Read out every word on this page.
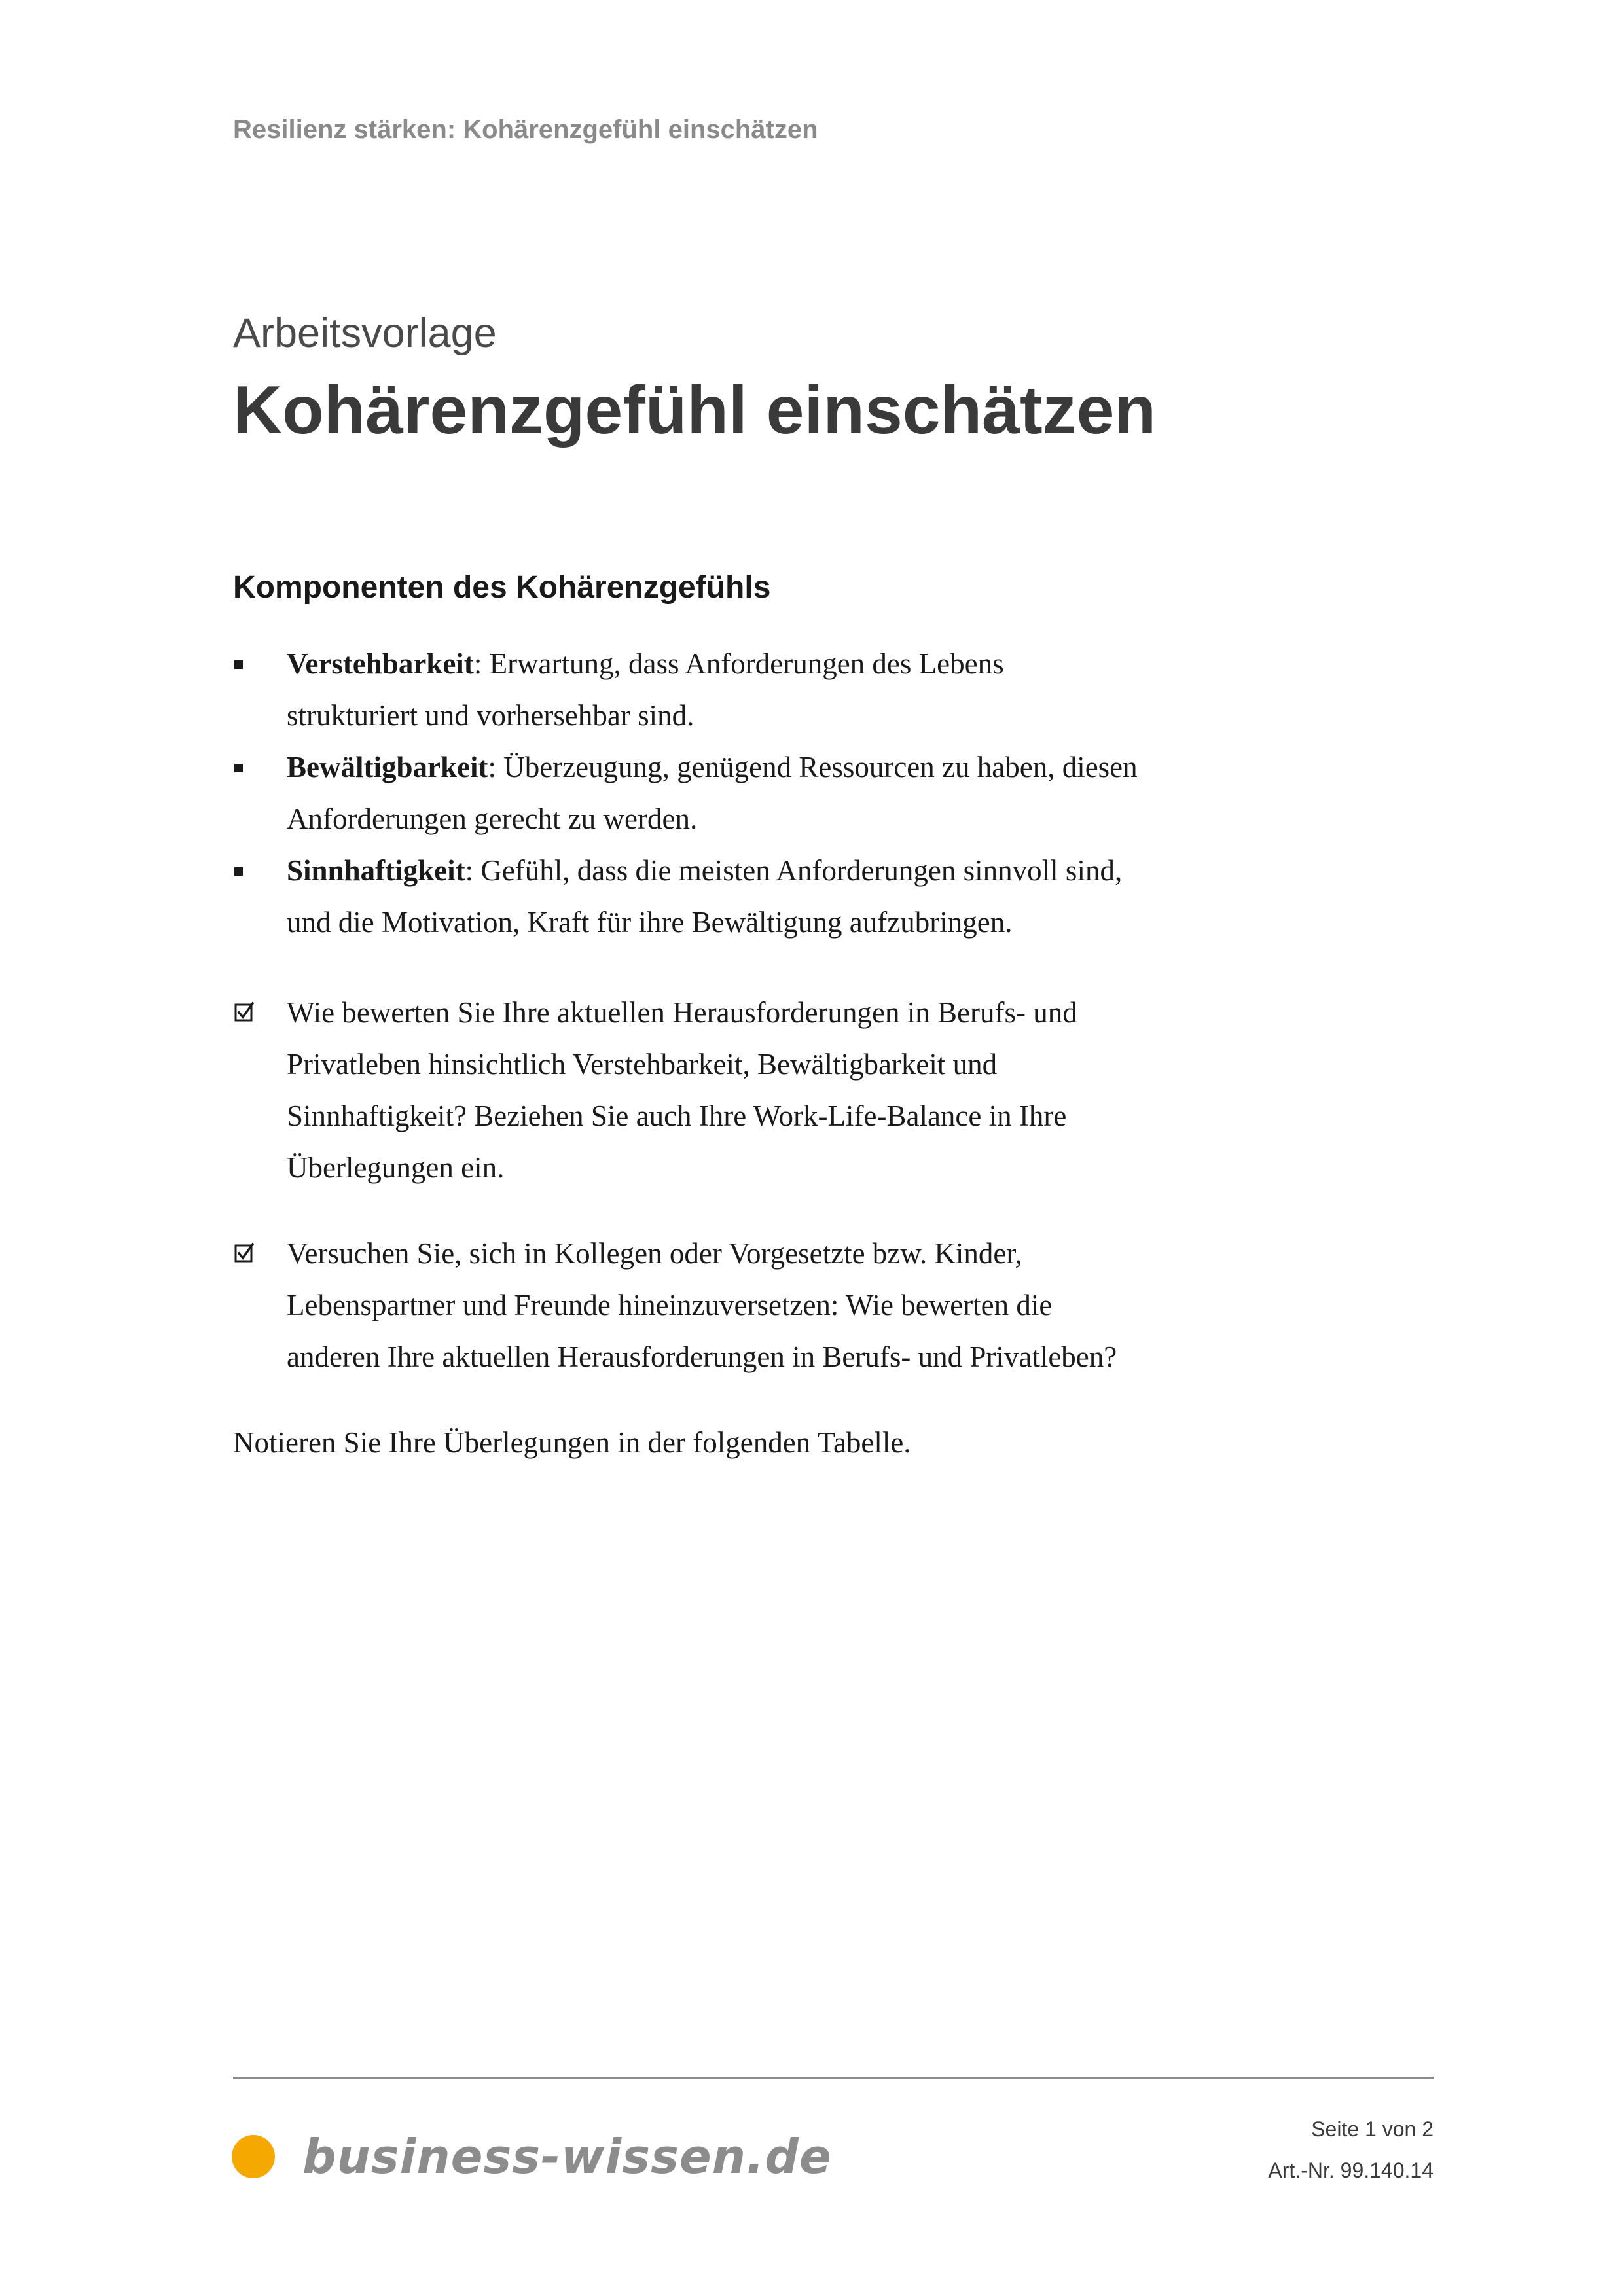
Resilienz stärken: Kohärenzgefühl einschätzen
Arbeitsvorlage
Kohärenzgefühl einschätzen
Komponenten des Kohärenzgefühls
Verstehbarkeit: Erwartung, dass Anforderungen des Lebens
strukturiert und vorhersehbar sind.
Bewältigbarkeit: Überzeugung, genügend Ressourcen zu haben, diesen
Anforderungen gerecht zu werden.
Sinnhaftigkeit: Gefühl, dass die meisten Anforderungen sinnvoll sind,
und die Motivation, Kraft für ihre Bewältigung aufzubringen.
Wie bewerten Sie Ihre aktuellen Herausforderungen in Berufs- und
Privatleben hinsichtlich Verstehbarkeit, Bewältigbarkeit und
Sinnhaftigkeit? Beziehen Sie auch Ihre Work-Life-Balance in Ihre
Überlegungen ein.
Versuchen Sie, sich in Kollegen oder Vorgesetzte bzw. Kinder,
Lebenspartner und Freunde hineinzuversetzen: Wie bewerten die
anderen Ihre aktuellen Herausforderungen in Berufs- und Privatleben?
Notieren Sie Ihre Überlegungen in der folgenden Tabelle.
business-wissen.de	Seite 1 von 2
Art.-Nr. 99.140.14
